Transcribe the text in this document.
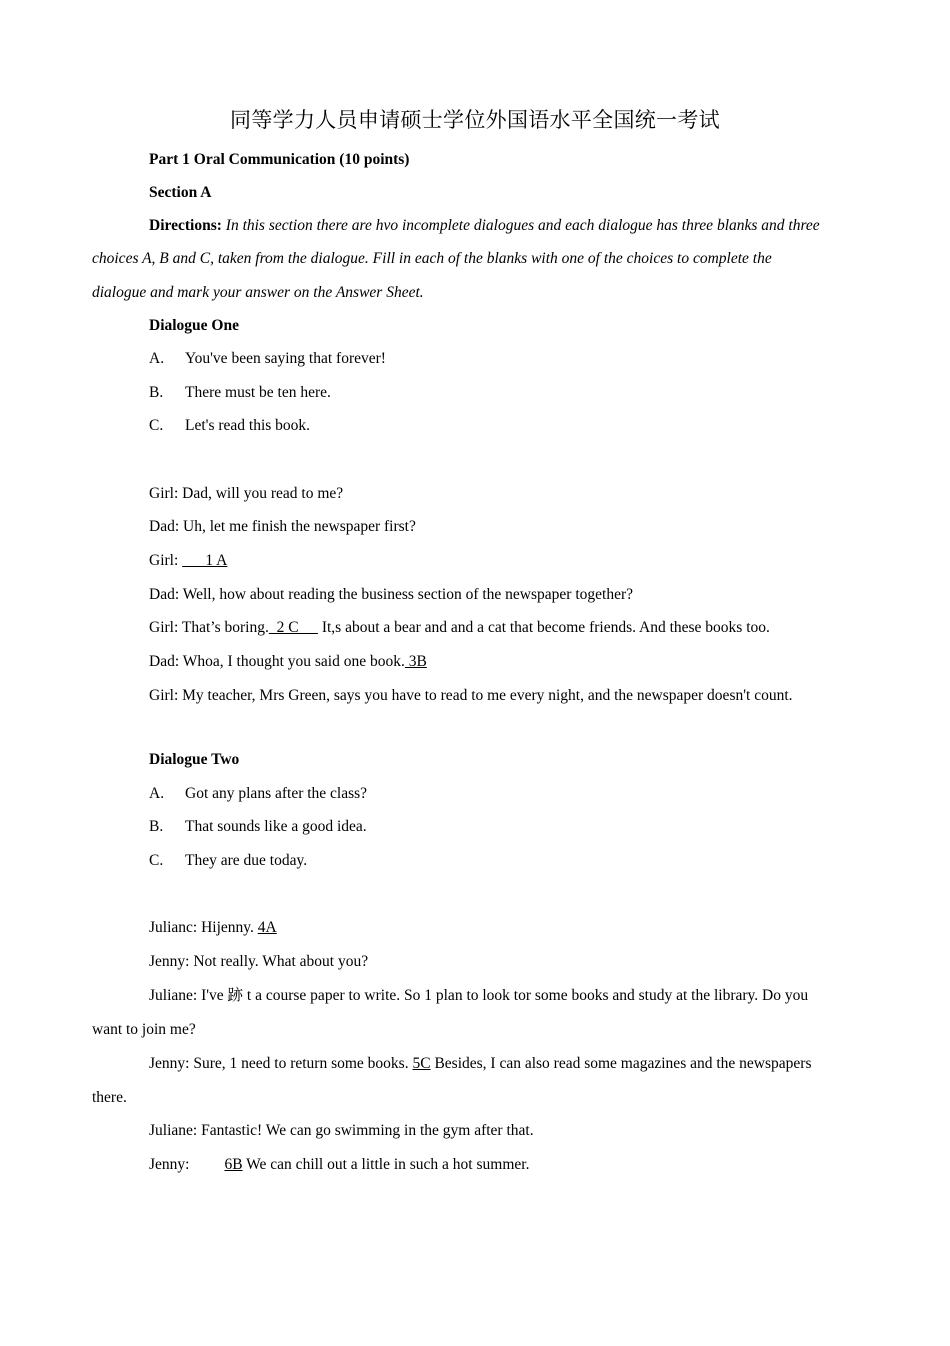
同等学力人员申请硕士学位外国语水平全国统一考试
Part 1 Oral Communication (10 points)
Section A
Directions: In this section there are hvo incomplete dialogues and each dialogue has three blanks and three
choices A, B and C, taken from the dialogue. Fill in each of the blanks with one of the choices to complete the
dialogue and mark your answer on the Answer Sheet.
Dialogue One
A. You've been saying that forever!
B. There must be ten here.
C. Let's read this book.
Girl: Dad, will you read to me?
Dad: Uh, let me finish the newspaper first?
Girl:       1 A
Dad: Well, how about reading the business section of the newspaper together?
Girl: That’s boring.  2 C      It,s about a bear and and a cat that become friends. And these books too.
Dad: Whoa, I thought you said one book. 3B
Girl: My teacher, Mrs Green, says you have to read to me every night, and the newspaper doesn't count.
Dialogue Two
A. Got any plans after the class?
B. That sounds like a good idea.
C. They are due today.
Julianc: Hijenny. 4A
Jenny: Not really. What about you?
Juliane: I've 跡 t a course paper to write. So 1 plan to look tor some books and study at the library. Do you
want to join me?
Jenny: Sure, 1 need to return some books. 5C Besides, I can also read some magazines and the newspapers
there.
Juliane: Fantastic! We can go swimming in the gym after that.
Jenny: 6B We can chill out a little in such a hot summer.
